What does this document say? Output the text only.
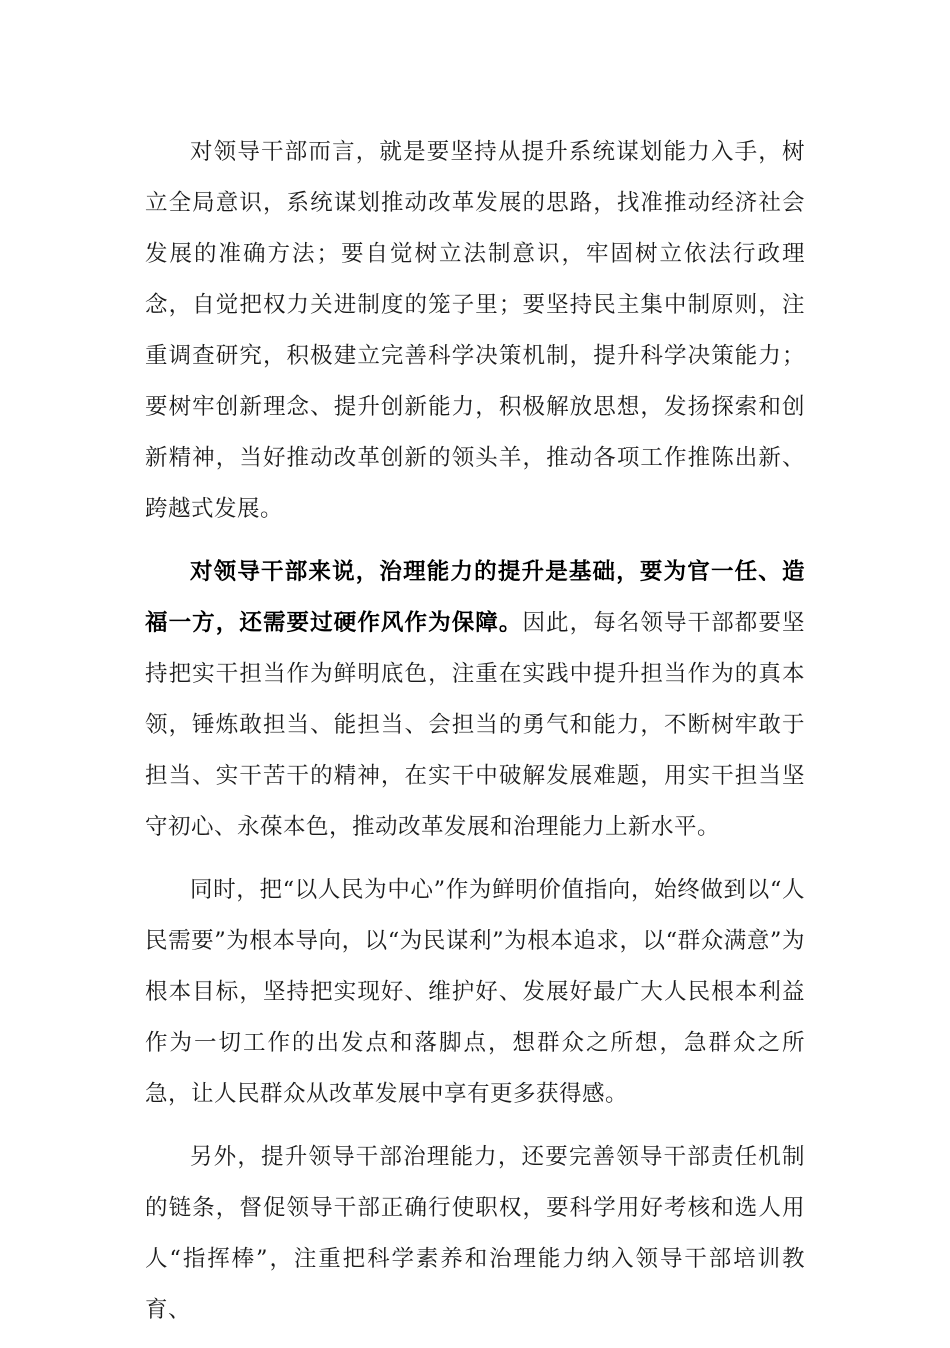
对领导干部而言，就是要坚持从提升系统谋划能力入手，树立全局意识，系统谋划推动改革发展的思路，找准推动经济社会发展的准确方法；要自觉树立法制意识，牢固树立依法行政理念，自觉把权力关进制度的笼子里；要坚持民主集中制原则，注重调查研究，积极建立完善科学决策机制，提升科学决策能力；要树牢创新理念、提升创新能力，积极解放思想，发扬探索和创新精神，当好推动改革创新的领头羊，推动各项工作推陈出新、跨越式发展。

对领导干部来说，治理能力的提升是基础，要为官一任、造福一方，还需要过硬作风作为保障。因此，每名领导干部都要坚持把实干担当作为鲜明底色，注重在实践中提升担当作为的真本领，锤炼敢担当、能担当、会担当的勇气和能力，不断树牢敢于担当、实干苦干的精神，在实干中破解发展难题，用实干担当坚守初心、永葆本色，推动改革发展和治理能力上新水平。

同时，把“以人民为中心”作为鲜明价值指向，始终做到以“人民需要”为根本导向，以“为民谋利”为根本追求，以“群众满意”为根本目标，坚持把实现好、维护好、发展好最广大人民根本利益作为一切工作的出发点和落脚点，想群众之所想，急群众之所急，让人民群众从改革发展中享有更多获得感。

另外，提升领导干部治理能力，还要完善领导干部责任机制的链条，督促领导干部正确行使职权，要科学用好考核和选人用人“指挥棒”，注重把科学素养和治理能力纳入领导干部培训教育、
